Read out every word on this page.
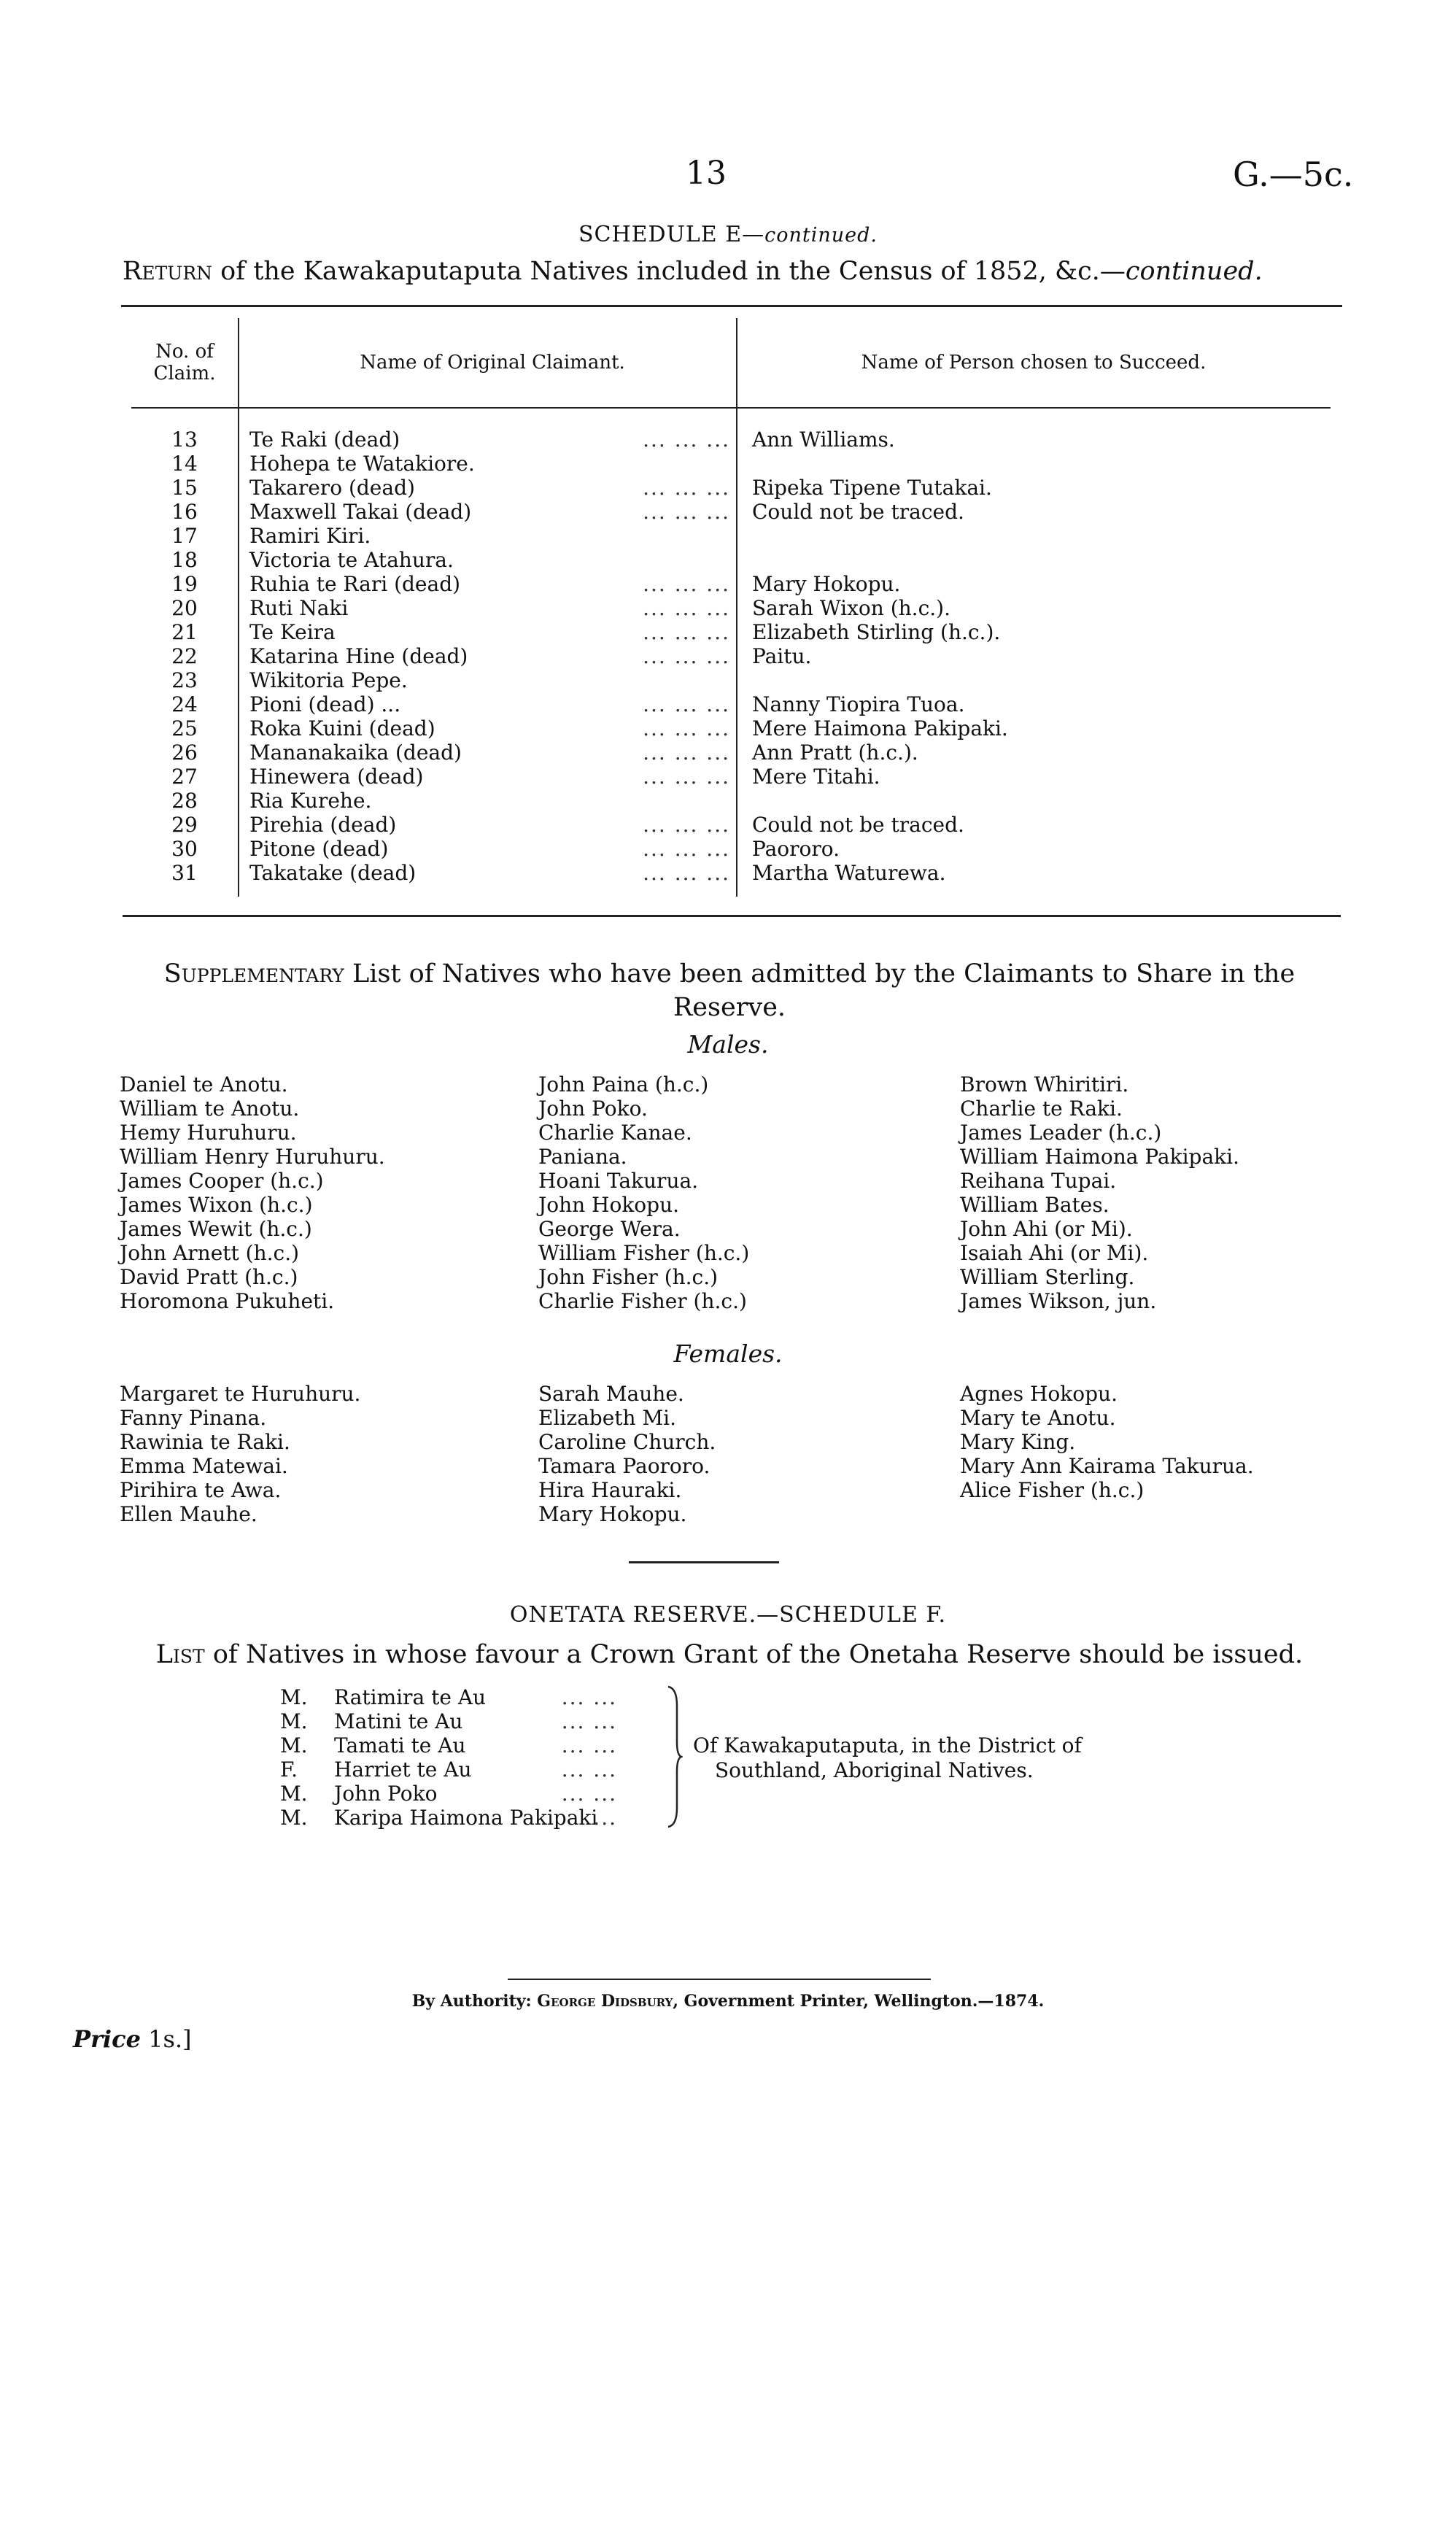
13	G.—5c.
SCHEDULE E—continued.
Return of the Kawakaputaputa Natives included in the Census of 1852, &c.—continued.
No. of Claim.	Name of Original Claimant.	Name of Person chosen to Succeed.
13	Te Raki (dead) ... ... ...	Ann Williams.
14	Hohepa te Watakiore.	
15	Takarero (dead) ... ... ...	Ripeka Tipene Tutakai.
16	Maxwell Takai (dead) ... ... ...	Could not be traced.
17	Ramiri Kiri.	
18	Victoria te Atahura.	
19	Ruhia te Rari (dead) ... ... ...	Mary Hokopu.
20	Ruti Naki ... ... ...	Sarah Wixon (h.c.).
21	Te Keira ... ... ...	Elizabeth Stirling (h.c.).
22	Katarina Hine (dead) ... ... ...	Paitu.
23	Wikitoria Pepe.	
24	Pioni (dead) ... ... ... ...	Nanny Tiopira Tuoa.
25	Roka Kuini (dead) ... ... ...	Mere Haimona Pakipaki.
26	Mananakaika (dead) ... ... ...	Ann Pratt (h.c.).
27	Hinewera (dead) ... ... ...	Mere Titahi.
28	Ria Kurehe.	
29	Pirehia (dead) ... ... ...	Could not be traced.
30	Pitone (dead) ... ... ...	Paororo.
31	Takatake (dead) ... ... ...	Martha Waturewa.
Supplementary List of Natives who have been admitted by the Claimants to Share in the Reserve.
Males.
Daniel te Anotu.
William te Anotu.
Hemy Huruhuru.
William Henry Huruhuru.
James Cooper (h.c.)
James Wixon (h.c.)
James Wewit (h.c.)
John Arnett (h.c.)
David Pratt (h.c.)
Horomona Pukuheti.
John Paina (h.c.)
John Poko.
Charlie Kanae.
Paniana.
Hoani Takurua.
John Hokopu.
George Wera.
William Fisher (h.c.)
John Fisher (h.c.)
Charlie Fisher (h.c.)
Brown Whiritiri.
Charlie te Raki.
James Leader (h.c.)
William Haimona Pakipaki.
Reihana Tupai.
William Bates.
John Ahi (or Mi).
Isaiah Ahi (or Mi).
William Sterling.
James Wikson, jun.
Females.
Margaret te Huruhuru.
Fanny Pinana.
Rawinia te Raki.
Emma Matewai.
Pirihira te Awa.
Ellen Mauhe.
Sarah Mauhe.
Elizabeth Mi.
Caroline Church.
Tamara Paororo.
Hira Hauraki.
Mary Hokopu.
Agnes Hokopu.
Mary te Anotu.
Mary King.
Mary Ann Kairama Takurua.
Alice Fisher (h.c.)
ONETATA RESERVE.—SCHEDULE F.
List of Natives in whose favour a Crown Grant of the Onetaha Reserve should be issued.
M. Ratimira te Au	... ...
M. Matini te Au	... ...
M. Tamati te Au	... ...
F. Harriet te Au	... ...
M. John Poko	... ...
M. Karipa Haimona Pakipaki
...
Of Kawakaputaputa, in the District of
Southland, Aboriginal Natives.
By Authority: George Didsbury, Government Printer, Wellington.—1874.
Price 1s.]
